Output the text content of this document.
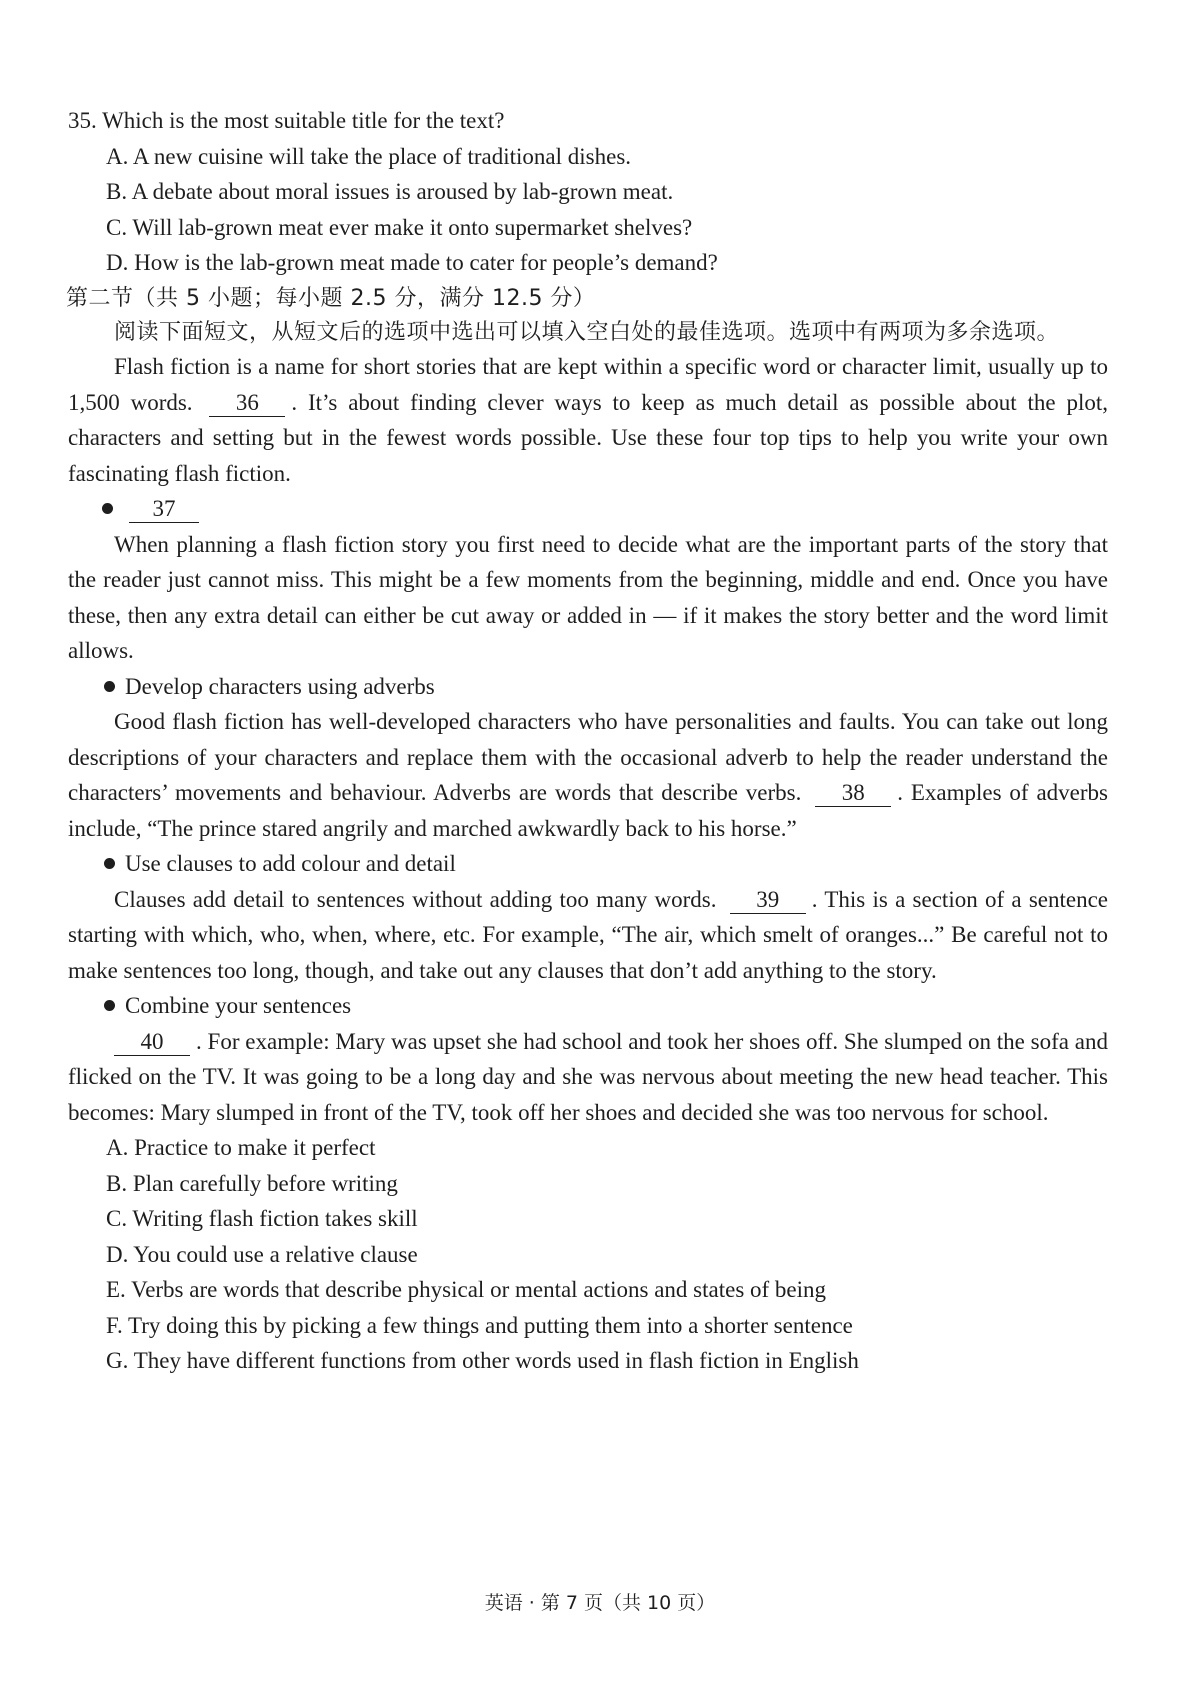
35. Which is the most suitable title for the text?

A. A new cuisine will take the place of traditional dishes.

B. A debate about moral issues is aroused by lab-grown meat.

C. Will lab-grown meat ever make it onto supermarket shelves?

D. How is the lab-grown meat made to cater for people’s demand?

第二节（共 5 小题；每小题 2.5 分，满分 12.5 分）

阅读下面短文，从短文后的选项中选出可以填入空白处的最佳选项。选项中有两项为多余选项。

Flash fiction is a name for short stories that are kept within a specific word or character limit, usually up to 1,500 words. 36 . It’s about finding clever ways to keep as much detail as possible about the plot, characters and setting but in the fewest words possible. Use these four top tips to help you write your own fascinating flash fiction.

37

When planning a flash fiction story you first need to decide what are the important parts of the story that the reader just cannot miss. This might be a few moments from the beginning, middle and end. Once you have these, then any extra detail can either be cut away or added in — if it makes the story better and the word limit allows.

Develop characters using adverbs

Good flash fiction has well-developed characters who have personalities and faults. You can take out long descriptions of your characters and replace them with the occasional adverb to help the reader understand the characters’ movements and behaviour. Adverbs are words that describe verbs. 38 . Examples of adverbs include, “The prince stared angrily and marched awkwardly back to his horse.”

Use clauses to add colour and detail

Clauses add detail to sentences without adding too many words. 39 . This is a section of a sentence starting with which, who, when, where, etc. For example, “The air, which smelt of oranges...” Be careful not to make sentences too long, though, and take out any clauses that don’t add anything to the story.

Combine your sentences

40 . For example: Mary was upset she had school and took her shoes off. She slumped on the sofa and flicked on the TV. It was going to be a long day and she was nervous about meeting the new head teacher. This becomes: Mary slumped in front of the TV, took off her shoes and decided she was too nervous for school.

A. Practice to make it perfect

B. Plan carefully before writing

C. Writing flash fiction takes skill

D. You could use a relative clause

E. Verbs are words that describe physical or mental actions and states of being

F. Try doing this by picking a few things and putting them into a shorter sentence

G. They have different functions from other words used in flash fiction in English

英语 · 第 7 页（共 10 页）
